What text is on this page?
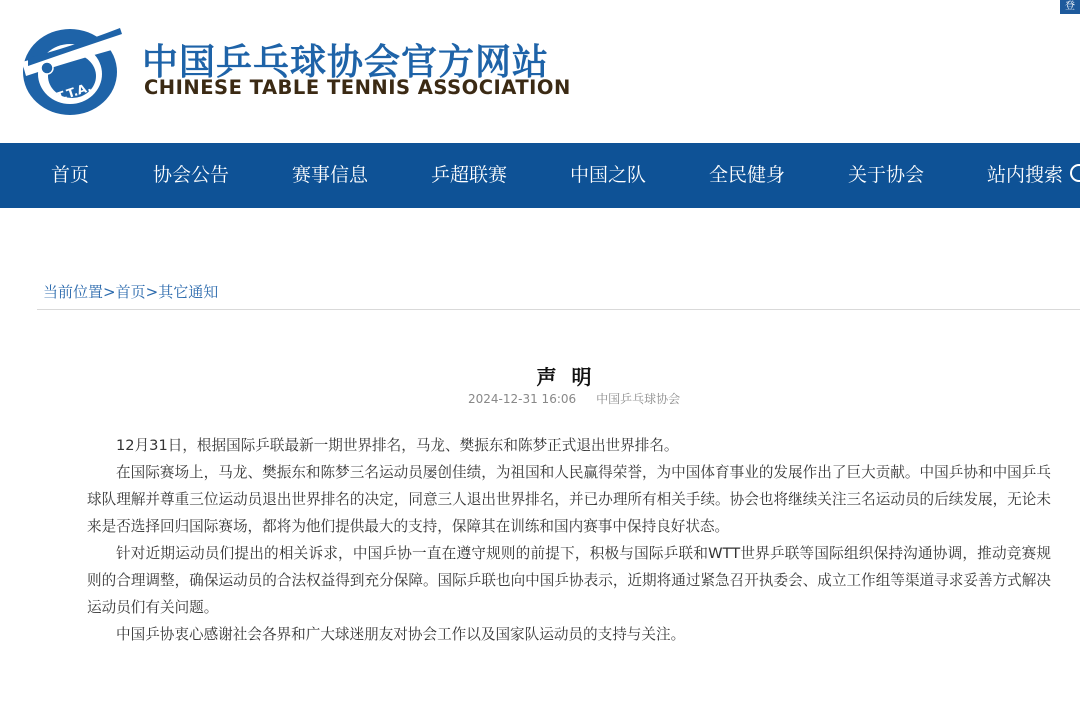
T.T.A.
中国乒乓球协会官方网站
CHINESE TABLE TENNIS ASSOCIATION
登
首页	协会公告	赛事信息	乒超联赛	中国之队	全民健身	关于协会	站内搜索
当前位置>首页>其它通知
声 明
2024-12-31 16:06 中国乒乓球协会

12月31日，根据国际乒联最新一期世界排名，马龙、樊振东和陈梦正式退出世界排名。

在国际赛场上，马龙、樊振东和陈梦三名运动员屡创佳绩，为祖国和人民赢得荣誉，为中国体育事业的发展作出了巨大贡献。中国乒协和中国乒乓球队理解并尊重三位运动员退出世界排名的决定，同意三人退出世界排名，并已办理所有相关手续。协会也将继续关注三名运动员的后续发展，无论未来是否选择回归国际赛场，都将为他们提供最大的支持，保障其在训练和国内赛事中保持良好状态。

针对近期运动员们提出的相关诉求，中国乒协一直在遵守规则的前提下，积极与国际乒联和WTT世界乒联等国际组织保持沟通协调，推动竞赛规则的合理调整，确保运动员的合法权益得到充分保障。国际乒联也向中国乒协表示，近期将通过紧急召开执委会、成立工作组等渠道寻求妥善方式解决运动员们有关问题。

中国乒协衷心感谢社会各界和广大球迷朋友对协会工作以及国家队运动员的支持与关注。
